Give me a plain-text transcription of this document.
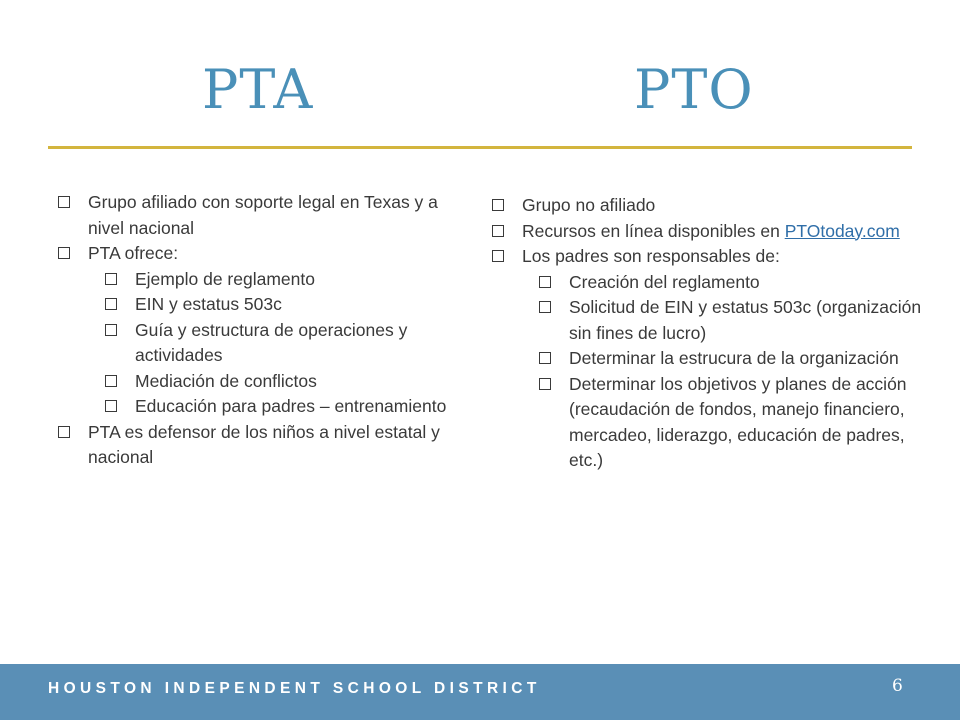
PTA	PTO
Grupo afiliado con soporte legal en Texas y a nivel nacional
PTA ofrece:
Ejemplo de reglamento
EIN y estatus 503c
Guía y estructura de operaciones y actividades
Mediación de conflictos
Educación para padres – entrenamiento
PTA es defensor de los niños a nivel estatal y nacional
Grupo no afiliado
Recursos en línea disponibles en PTOtoday.com
Los padres son responsables de:
Creación del reglamento
Solicitud de EIN y estatus 503c (organización sin fines de lucro)
Determinar la estrucura de la organización
Determinar los objetivos y planes de acción (recaudación de fondos, manejo financiero, mercadeo, liderazgo, educación de padres, etc.)
HOUSTON INDEPENDENT SCHOOL DISTRICT	6
